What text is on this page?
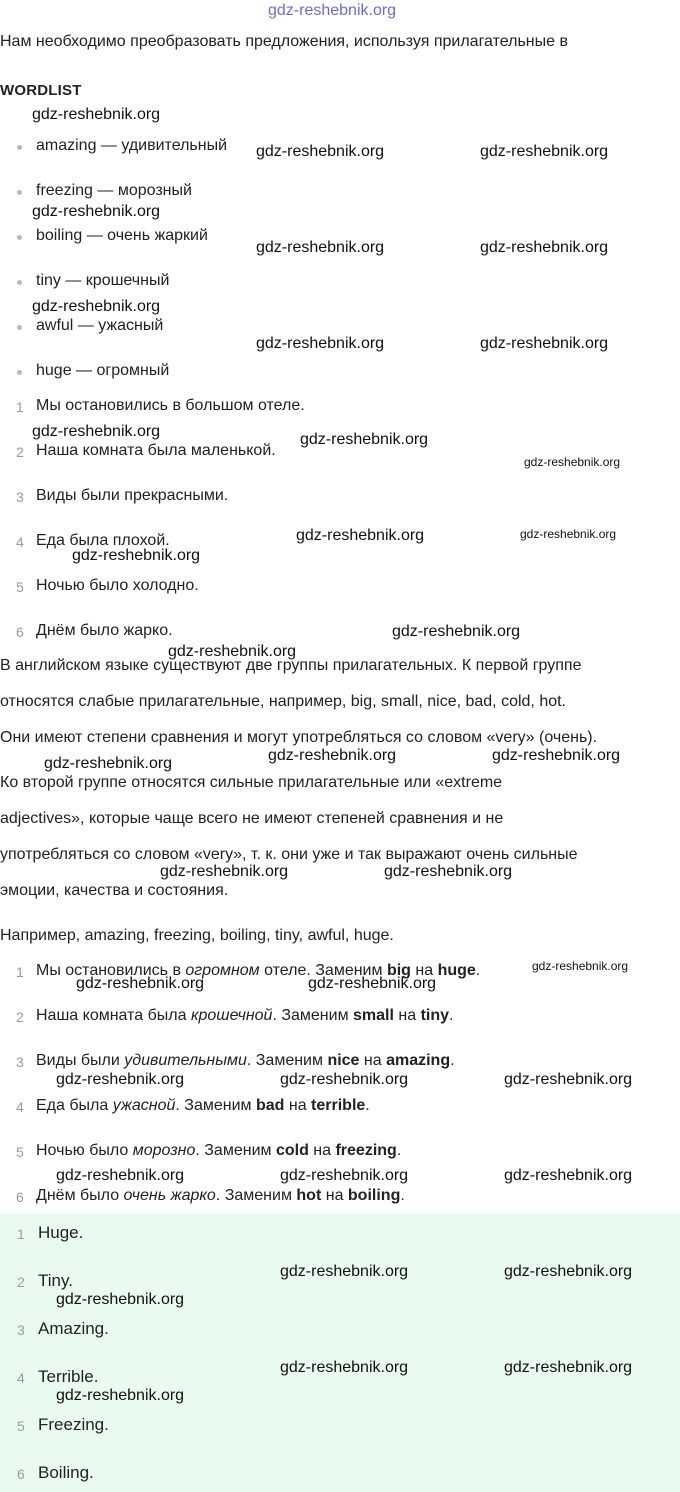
gdz-reshebnik.org
Нам необходимо преобразовать предложения, используя прилагательные в
WORDLIST
amazing — удивительный
freezing — морозный
boiling — очень жаркий
tiny — крошечный
awful — ужасный
huge — огромный
1 Мы остановились в большом отеле.
2 Наша комната была маленькой.
3 Виды были прекрасными.
4 Еда была плохой.
5 Ночью было холодно.
6 Днём было жарко.
В английском языке существуют две группы прилагательных. К первой группе
относятся слабые прилагательные, например, big, small, nice, bad, cold, hot.
Они имеют степени сравнения и могут употребляться со словом «very» (очень).
Ко второй группе относятся сильные прилагательные или «extreme
adjectives», которые чаще всего не имеют степеней сравнения и не
употребляться со словом «very», т. к. они уже и так выражают очень сильные
эмоции, качества и состояния.
Например, amazing, freezing, boiling, tiny, awful, huge.
1 Мы остановились в огромном отеле. Заменим big на huge.
2 Наша комната была крошечной. Заменим small на tiny.
3 Виды были удивительными. Заменим nice на amazing.
4 Еда была ужасной. Заменим bad на terrible.
5 Ночью было морозно. Заменим cold на freezing.
6 Днём было очень жарко. Заменим hot на boiling.
1 Huge.
2 Tiny.
3 Amazing.
4 Terrible.
5 Freezing.
6 Boiling.
gdz-reshebnik.org
gdz-reshebnik.org	gdz-reshebnik.org
gdz-reshebnik.org
gdz-reshebnik.org	gdz-reshebnik.org
gdz-reshebnik.org
gdz-reshebnik.org	gdz-reshebnik.org
gdz-reshebnik.org	gdz-reshebnik.org
gdz-reshebnik.org
gdz-reshebnik.org	gdz-reshebnik.org
gdz-reshebnik.org
gdz-reshebnik.org
gdz-reshebnik.org
gdz-reshebnik.org	gdz-reshebnik.org	gdz-reshebnik.org
gdz-reshebnik.org	gdz-reshebnik.org
gdz-reshebnik.org
gdz-reshebnik.org	gdz-reshebnik.org
gdz-reshebnik.org	gdz-reshebnik.org	gdz-reshebnik.org
gdz-reshebnik.org	gdz-reshebnik.org	gdz-reshebnik.org
gdz-reshebnik.org	gdz-reshebnik.org
gdz-reshebnik.org
gdz-reshebnik.org	gdz-reshebnik.org
gdz-reshebnik.org
